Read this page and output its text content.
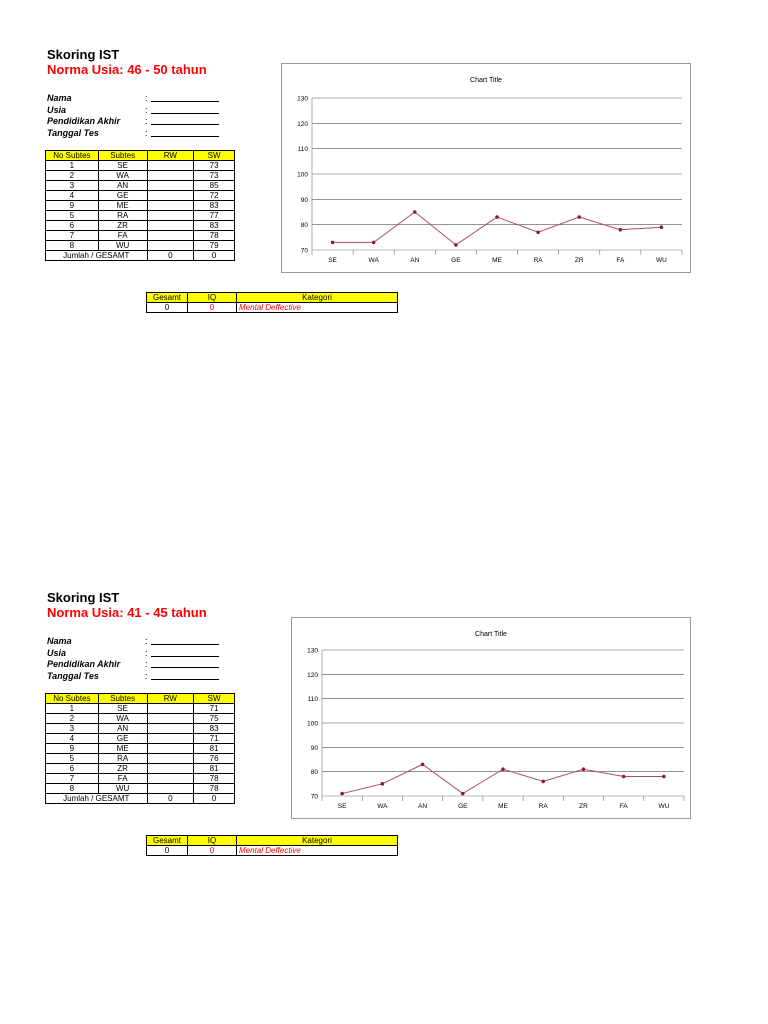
Skoring IST
Norma Usia: 46 - 50 tahun
Nama	:
Usia	:
Pendidikan Akhir	:
Tanggal Tes	:
No Subtes	Subtes	RW	SW
1	SE		73
2	WA		73
3	AN		85
4	GE		72
9	ME		83
5	RA		77
6	ZR		83
7	FA		78
8	WU		79
Jumlah / GESAMT		0	0
Gesamt	IQ	Kategori
0	0	Mental Deffective
Chart Title
70
80
90
100
110
120
130
SE	WA	AN	GE	ME	RA	ZR	FA	WU
Skoring IST
Norma Usia: 41 - 45 tahun
Nama	:
Usia	:
Pendidikan Akhir	:
Tanggal Tes	:
No Subtes	Subtes	RW	SW
1	SE		71
2	WA		75
3	AN		83
4	GE		71
9	ME		81
5	RA		76
6	ZR		81
7	FA		78
8	WU		78
Jumlah / GESAMT		0	0
Gesamt	IQ	Kategori
0	0	Mental Deffective
Chart Title
70
80
90
100
110
120
130
SE	WA	AN	GE	ME	RA	ZR	FA	WU
